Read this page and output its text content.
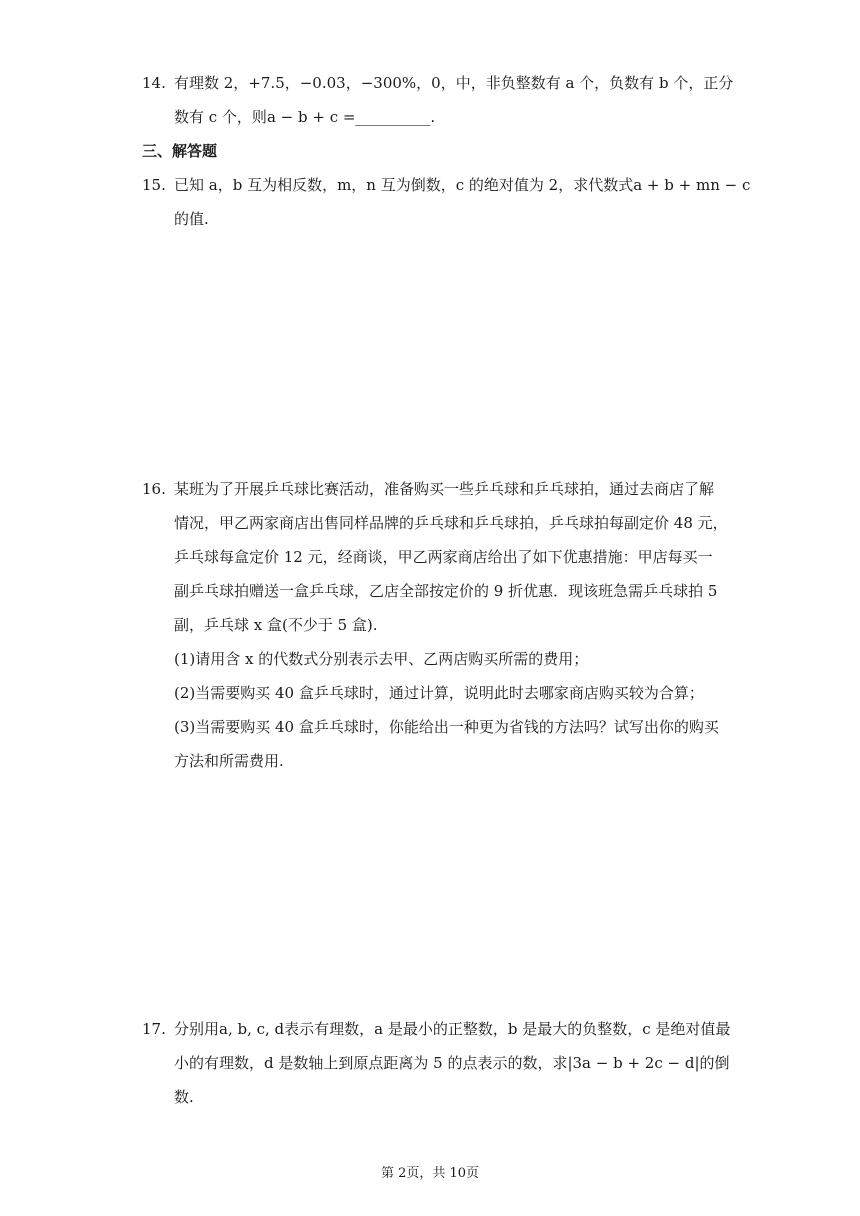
14. 有理数 2，+7.5，−0.03，−300%，0，中，非负整数有 a 个，负数有 b 个，正分
数有 c 个，则a − b + c =__________.
三、解答题
15. 已知 a，b 互为相反数，m，n 互为倒数，c 的绝对值为 2，求代数式a + b + mn − c
的值.
16. 某班为了开展乒乓球比赛活动，准备购买一些乒乓球和乒乓球拍，通过去商店了解
情况，甲乙两家商店出售同样品牌的乒乓球和乒乓球拍，乒乓球拍每副定价 48 元，
乒乓球每盒定价 12 元，经商谈，甲乙两家商店给出了如下优惠措施：甲店每买一
副乒乓球拍赠送一盒乒乓球，乙店全部按定价的 9 折优惠．现该班急需乒乓球拍 5
副，乒乓球 x 盒(不少于 5 盒).
(1)请用含 x 的代数式分别表示去甲、乙两店购买所需的费用；
(2)当需要购买 40 盒乒乓球时，通过计算，说明此时去哪家商店购买较为合算；
(3)当需要购买 40 盒乒乓球时，你能给出一种更为省钱的方法吗？试写出你的购买
方法和所需费用.
17. 分别用a, b, c, d表示有理数，a 是最小的正整数，b 是最大的负整数，c 是绝对值最
小的有理数，d 是数轴上到原点距离为 5 的点表示的数，求|3a − b + 2c − d|的倒
数.
第 2页，共 10页
